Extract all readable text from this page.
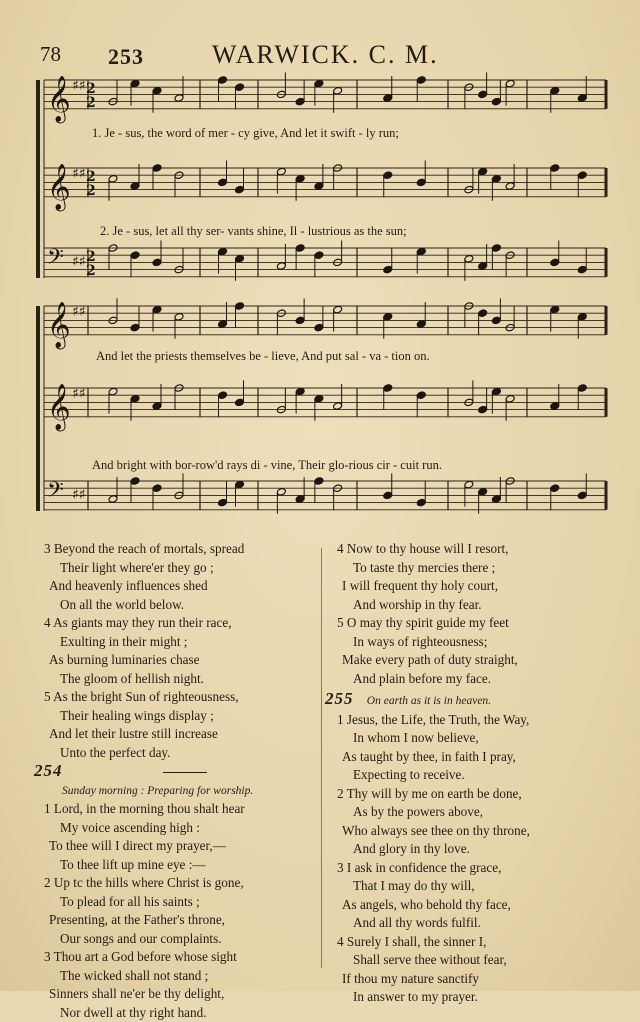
78 253	WARWICK. C. M.
𝄞 ♯♯ 2
2
𝄞 ♯♯ 2
2
𝄢 ♯♯ 2
2
𝄞 ♯♯
𝄞 ♯♯
𝄢 ♯♯
1. Je - sus, the word of mer - cy give, And let it swift - ly run;
2. Je - sus, let all thy ser- vants shine, Il - lustrious as the sun;
And let the priests themselves be - lieve, And put sal - va - tion on.
And bright with bor-row'd rays di - vine, Their glo-rious cir - cuit run.
3 Beyond the reach of mortals, spread
Their light where'er they go ;
And heavenly influences shed
On all the world below.
4 As giants may they run their race,
Exulting in their might ;
As burning luminaries chase
The gloom of hellish night.
5 As the bright Sun of righteousness,
Their healing wings display ;
And let their lustre still increase
Unto the perfect day.
254
Sunday morning : Preparing for worship.
1 Lord, in the morning thou shalt hear
My voice ascending high :
To thee will I direct my prayer,—
To thee lift up mine eye :—
2 Up tc the hills where Christ is gone,
To plead for all his saints ;
Presenting, at the Father's throne,
Our songs and our complaints.
3 Thou art a God before whose sight
The wicked shall not stand ;
Sinners shall ne'er be thy delight,
Nor dwell at thy right hand.
4 Now to thy house will I resort,
To taste thy mercies there ;
I will frequent thy holy court,
And worship in thy fear.
5 O may thy spirit guide my feet
In ways of righteousness;
Make every path of duty straight,
And plain before my face.
255 On earth as it is in heaven.
1 Jesus, the Life, the Truth, the Way,
In whom I now believe,
As taught by thee, in faith I pray,
Expecting to receive.
2 Thy will by me on earth be done,
As by the powers above,
Who always see thee on thy throne,
And glory in thy love.
3 I ask in confidence the grace,
That I may do thy will,
As angels, who behold thy face,
And all thy words fulfil.
4 Surely I shall, the sinner I,
Shall serve thee without fear,
If thou my nature sanctify
In answer to my prayer.
